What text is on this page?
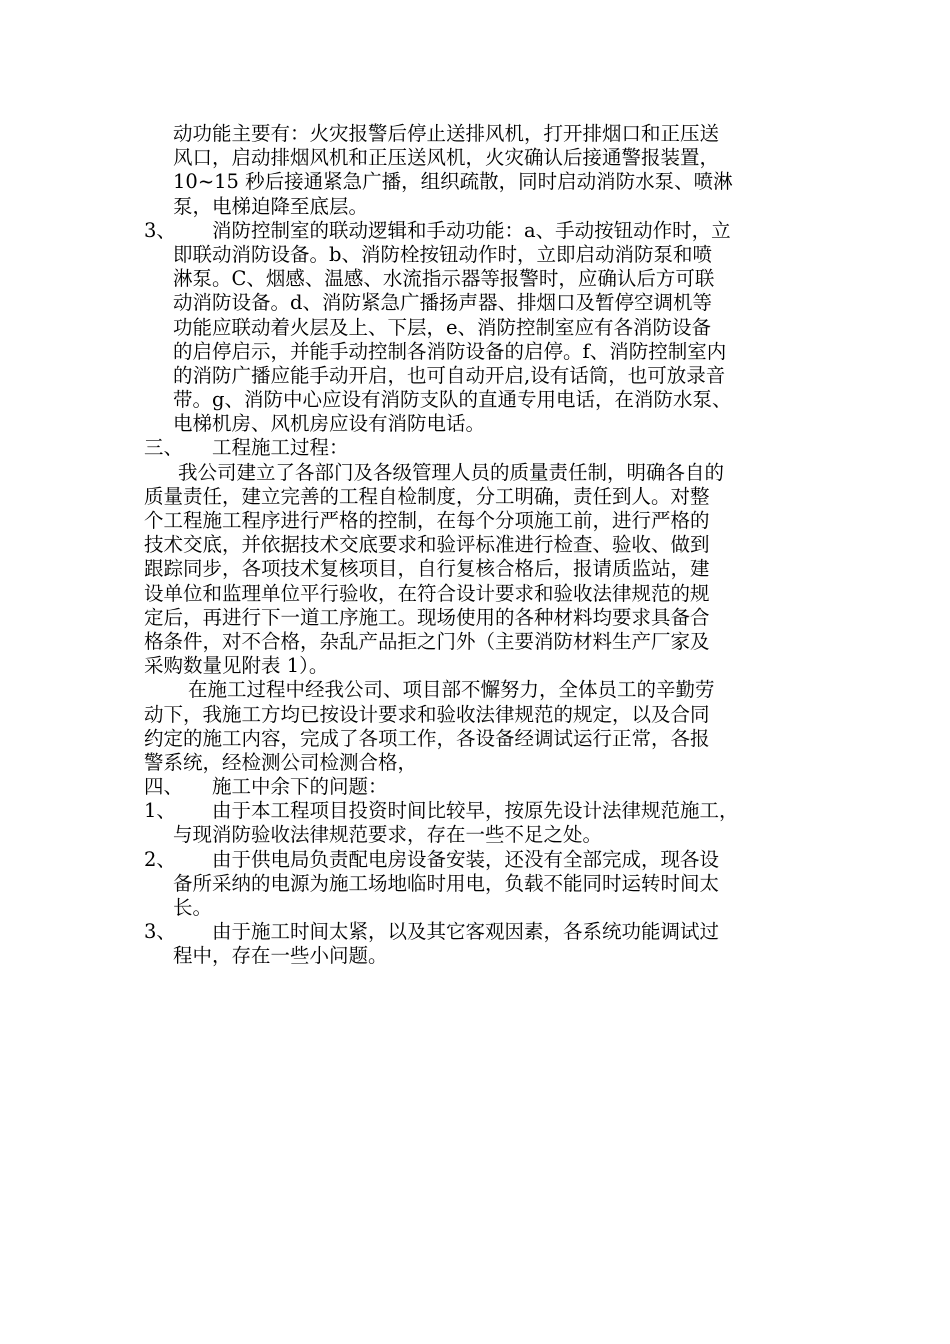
动功能主要有：火灾报警后停止送排风机，打开排烟口和正压送
风口，启动排烟风机和正压送风机，火灾确认后接通警报装置，
10~15 秒后接通紧急广播，组织疏散，同时启动消防水泵、喷淋
泵，电梯迫降至底层。
3、	消防控制室的联动逻辑和手动功能：a、手动按钮动作时，立
即联动消防设备。b、消防栓按钮动作时，立即启动消防泵和喷
淋泵。C、烟感、温感、水流指示器等报警时，应确认后方可联
动消防设备。d、消防紧急广播扬声器、排烟口及暂停空调机等
功能应联动着火层及上、下层，e、消防控制室应有各消防设备
的启停启示，并能手动控制各消防设备的启停。f、消防控制室内
的消防广播应能手动开启，也可自动开启,设有话筒，也可放录音
带。g、消防中心应设有消防支队的直通专用电话，在消防水泵、
电梯机房、风机房应设有消防电话。
三、	工程施工过程：
我公司建立了各部门及各级管理人员的质量责任制，明确各自的
质量责任，建立完善的工程自检制度，分工明确，责任到人。对整
个工程施工程序进行严格的控制，在每个分项施工前，进行严格的
技术交底，并依据技术交底要求和验评标准进行检查、验收、做到
跟踪同步，各项技术复核项目，自行复核合格后，报请质监站，建
设单位和监理单位平行验收，在符合设计要求和验收法律规范的规
定后，再进行下一道工序施工。现场使用的各种材料均要求具备合
格条件，对不合格，杂乱产品拒之门外（主要消防材料生产厂家及
采购数量见附表 1）。
在施工过程中经我公司、项目部不懈努力，全体员工的辛勤劳
动下，我施工方均已按设计要求和验收法律规范的规定，以及合同
约定的施工内容，完成了各项工作，各设备经调试运行正常，各报
警系统，经检测公司检测合格，
四、	施工中余下的问题：
1、	由于本工程项目投资时间比较早，按原先设计法律规范施工，
与现消防验收法律规范要求，存在一些不足之处。
2、	由于供电局负责配电房设备安装，还没有全部完成，现各设
备所采纳的电源为施工场地临时用电，负载不能同时运转时间太
长。
3、	由于施工时间太紧，以及其它客观因素，各系统功能调试过
程中，存在一些小问题。
